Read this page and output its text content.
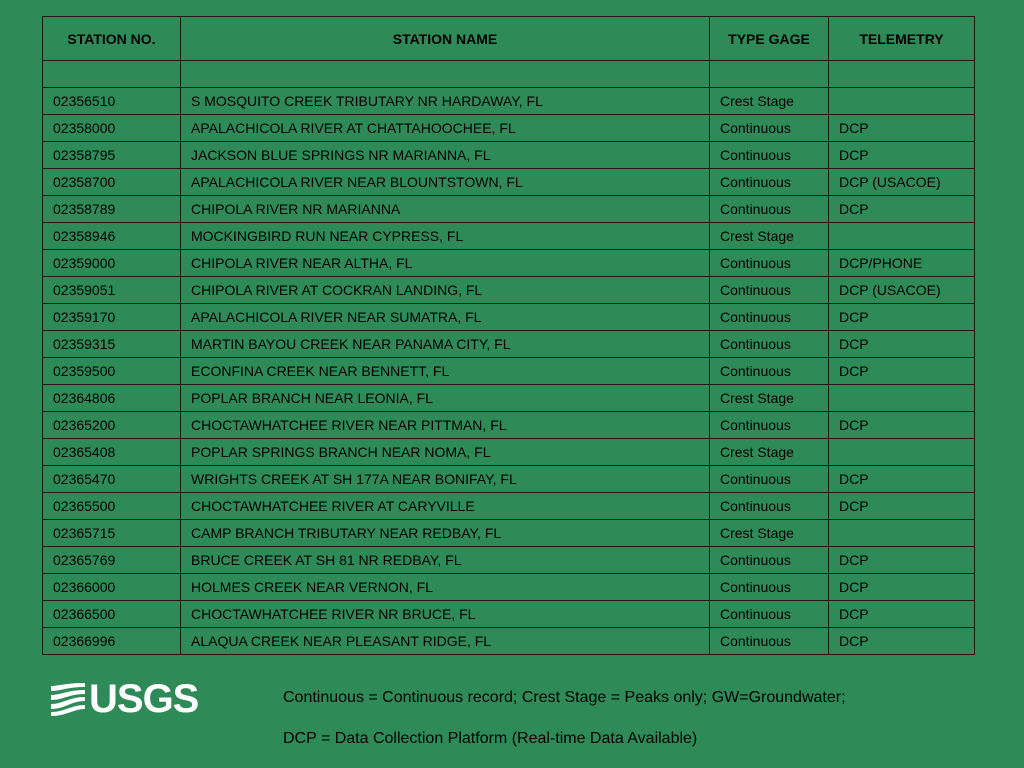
STATION NO.	STATION NAME	TYPE GAGE	TELEMETRY

02356510	S MOSQUITO CREEK TRIBUTARY NR HARDAWAY, FL	Crest Stage	
02358000	APALACHICOLA RIVER AT CHATTAHOOCHEE, FL	Continuous	DCP
02358795	JACKSON BLUE SPRINGS NR MARIANNA, FL	Continuous	DCP
02358700	APALACHICOLA RIVER NEAR BLOUNTSTOWN, FL	Continuous	DCP (USACOE)
02358789	CHIPOLA RIVER NR MARIANNA	Continuous	DCP
02358946	MOCKINGBIRD RUN NEAR CYPRESS, FL	Crest Stage	
02359000	CHIPOLA RIVER NEAR ALTHA, FL	Continuous	DCP/PHONE
02359051	CHIPOLA RIVER AT COCKRAN LANDING, FL	Continuous	DCP (USACOE)
02359170	APALACHICOLA RIVER NEAR SUMATRA, FL	Continuous	DCP
02359315	MARTIN BAYOU CREEK NEAR PANAMA CITY, FL	Continuous	DCP
02359500	ECONFINA CREEK NEAR BENNETT, FL	Continuous	DCP
02364806	POPLAR BRANCH NEAR LEONIA, FL	Crest Stage	
02365200	CHOCTAWHATCHEE RIVER NEAR PITTMAN, FL	Continuous	DCP
02365408	POPLAR SPRINGS BRANCH NEAR NOMA, FL	Crest Stage	
02365470	WRIGHTS CREEK AT SH 177A NEAR BONIFAY, FL	Continuous	DCP
02365500	CHOCTAWHATCHEE RIVER AT CARYVILLE	Continuous	DCP
02365715	CAMP BRANCH TRIBUTARY NEAR REDBAY, FL	Crest Stage	
02365769	BRUCE CREEK AT SH 81 NR REDBAY, FL	Continuous	DCP
02366000	HOLMES CREEK NEAR VERNON, FL	Continuous	DCP
02366500	CHOCTAWHATCHEE RIVER NR BRUCE, FL	Continuous	DCP
02366996	ALAQUA CREEK NEAR PLEASANT RIDGE, FL	Continuous	DCP
USGS	Continuous = Continuous record; Crest Stage = Peaks only; GW=Groundwater;
DCP = Data Collection Platform (Real-time Data Available)
